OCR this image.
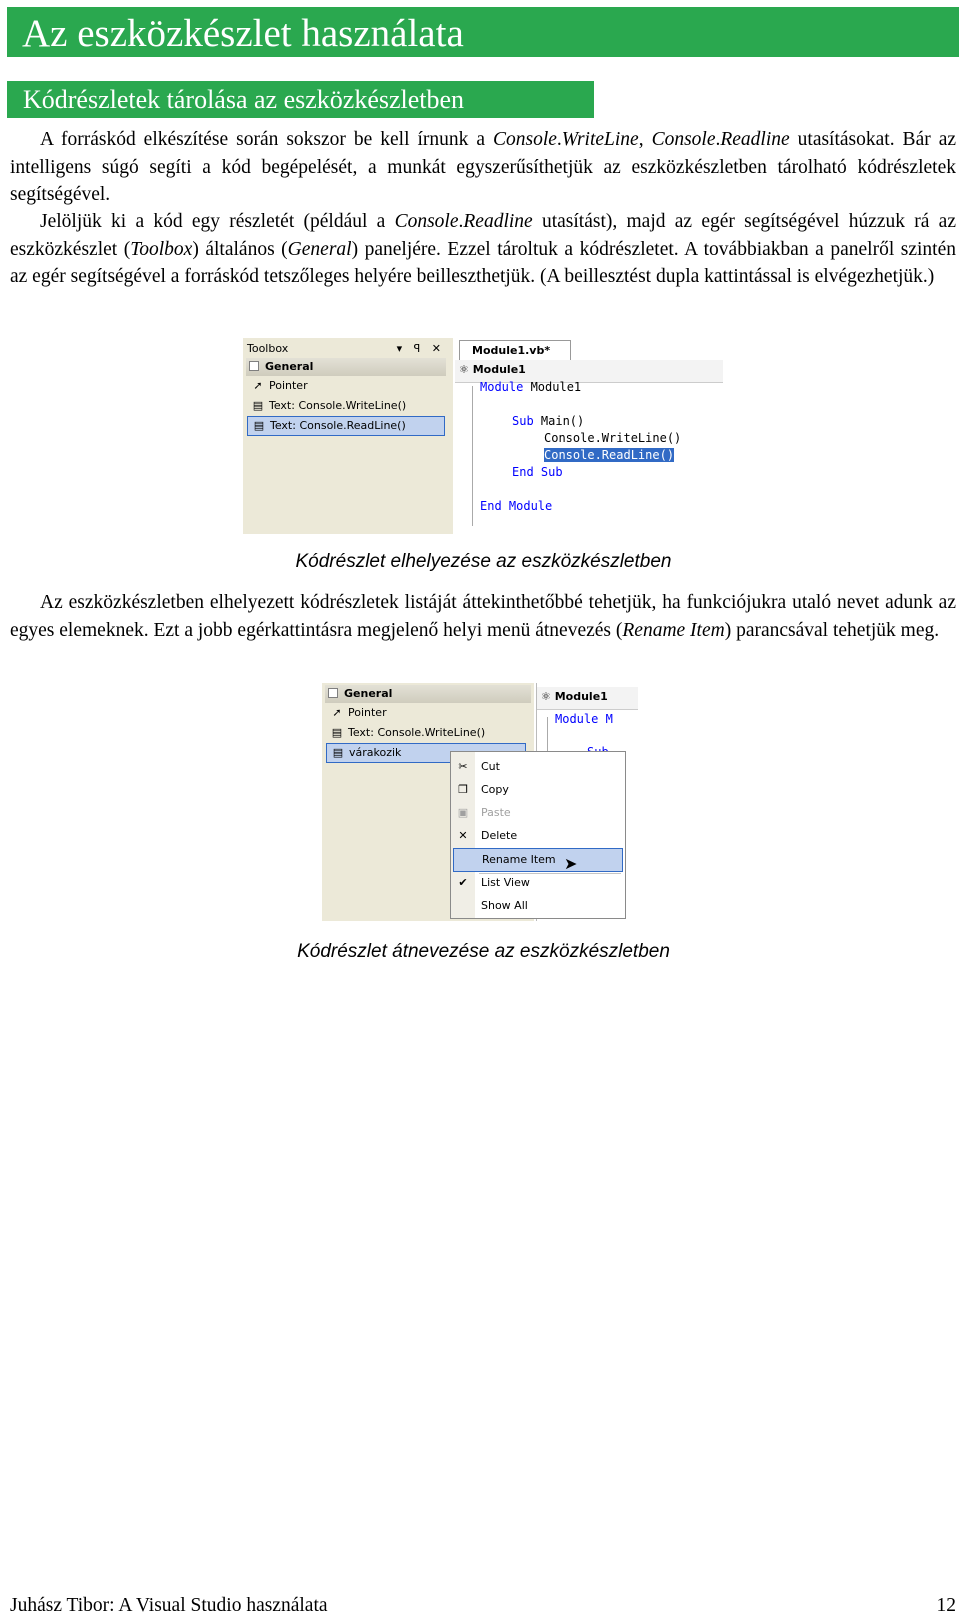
Az eszközkészlet használata
Kódrészletek tárolása az eszközkészletben

A forráskód elkészítése során sokszor be kell írnunk a Console.WriteLine, Console.Readline utasításokat. Bár az intelligens súgó segíti a kód begépelését, a munkát egyszerűsíthetjük az eszközkészletben tárolható kódrészletek segítségével.

Jelöljük ki a kód egy részletét (például a Console.Readline utasítást), majd az egér segítségével húzzuk rá az eszközkészlet (Toolbox) általános (General) paneljére. Ezzel tároltuk a kódrészletet. A továbbiakban a panelről szintén az egér segítségével a forráskód tetszőleges helyére beilleszthetjük. (A beillesztést dupla kattintással is elvégezhetjük.)

Toolbox	▾ ꟼ ✕
General
➚ Pointer
▤ Text: Console.WriteLine()
▤ Text: Console.ReadLine()
Module1.vb*
⚛ Module1
Module Module1
Sub Main()
Console.WriteLine()
Console.ReadLine()
End Sub
End Module
Kódrészlet elhelyezése az eszközkészletben

Az eszközkészletben elhelyezett kódrészletek listáját áttekinthetőbbé tehetjük, ha funkciójukra utaló nevet adunk az egyes elemeknek. Ezt a jobb egérkattintásra megjelenő helyi menü átnevezés (Rename Item) parancsával tehetjük meg.

General
➚ Pointer
▤ Text: Console.WriteLine()
▤ várakozik
⚛ Module1
Module M
✂	Cut
❐ Copy
▣ Paste
✕	Delete
Rename Item ➤
✔	List View
Show All
Kódrészlet átnevezése az eszközkészletben
Juhász Tibor: A Visual Studio használata	12
